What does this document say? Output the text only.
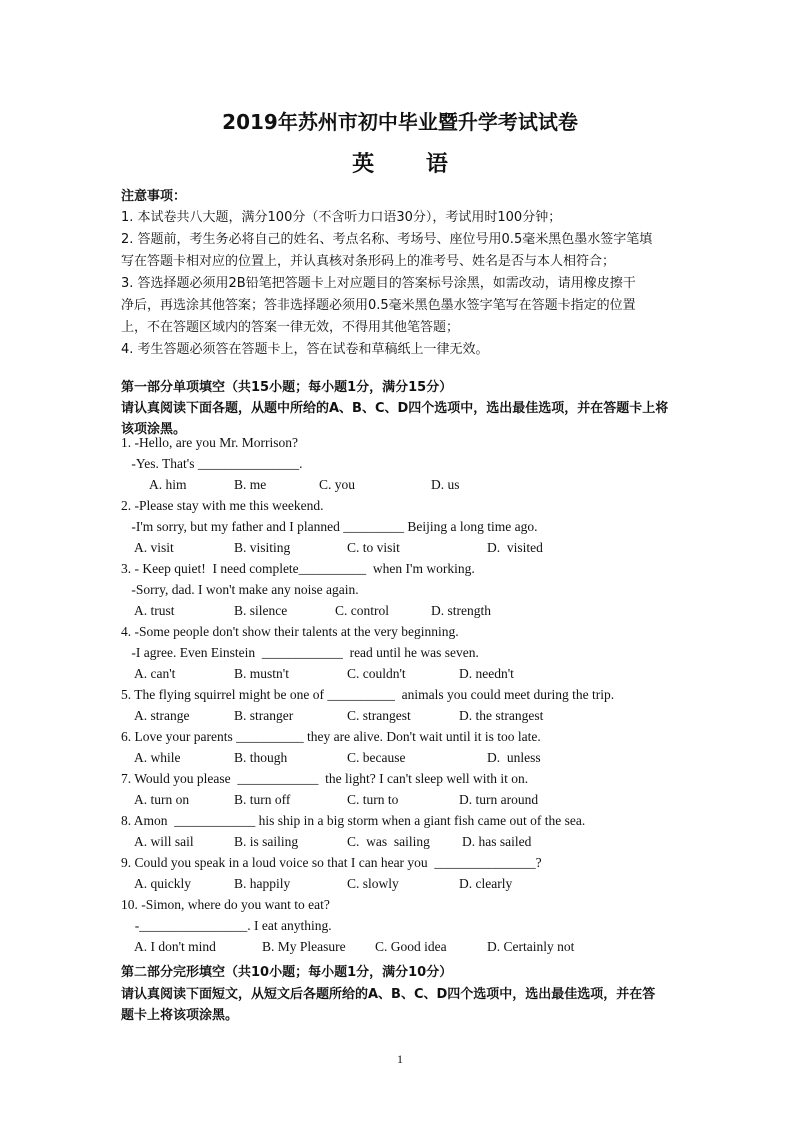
2019年苏州市初中毕业暨升学考试试卷
英 语
注意事项：
1. 本试卷共八大题，满分100分（不含听力口语30分），考试用时100分钟；
2. 答题前，考生务必将自己的姓名、考点名称、考场号、座位号用0.5毫米黑色墨水签字笔填
写在答题卡相对应的位置上，并认真核对条形码上的准考号、姓名是否与本人相符合；
3. 答选择题必须用2B铅笔把答题卡上对应题目的答案标号涂黑，如需改动，请用橡皮擦干
净后，再选涂其他答案；答非选择题必须用0.5毫米黑色墨水签字笔写在答题卡指定的位置
上，不在答题区域内的答案一律无效，不得用其他笔答题；
4. 考生答题必须答在答题卡上，答在试卷和草稿纸上一律无效。
第一部分单项填空（共15小题；每小题1分，满分15分）
请认真阅读下面各题，从题中所给的A、B、C、D四个选项中，选出最佳选项，并在答题卡上将
该项涂黑。
1. -Hello, are you Mr. Morrison?
-Yes. That's _______________.
A. him	B. me	C. you	D. us
2. -Please stay with me this weekend.
-I'm sorry, but my father and I planned _________ Beijing a long time ago.
A. visit	B. visiting	C. to visit	D.  visited
3. - Keep quiet!  I need complete__________  when I'm working.
-Sorry, dad. I won't make any noise again.
A. trust	B. silence	C. control	D. strength
4. -Some people don't show their talents at the very beginning.
-I agree. Even Einstein  ____________  read until he was seven.
A. can't	B. mustn't	C. couldn't	D. needn't
5. The flying squirrel might be one of __________  animals you could meet during the trip.
A. strange	B. stranger	C. strangest	D. the strangest
6. Love your parents __________ they are alive. Don't wait until it is too late.
A. while	B. though	C. because	D.  unless
7. Would you please  ____________  the light? I can't sleep well with it on.
A. turn on	B. turn off	C. turn to	D. turn around
8. Amon  ____________ his ship in a big storm when a giant fish came out of the sea.
A. will sail	B. is sailing	C.  was  sailing D. has sailed
9. Could you speak in a loud voice so that I can hear you  _______________?
A. quickly	B. happily	C. slowly	D. clearly
10. -Simon, where do you want to eat?
-________________. I eat anything.
A. I don't mind	B. My Pleasure C. Good idea	D. Certainly not
第二部分完形填空（共10小题；每小题1分，满分10分）
请认真阅读下面短文，从短文后各题所给的A、B、C、D四个选项中，选出最佳选项，并在答
题卡上将该项涂黑。
1
